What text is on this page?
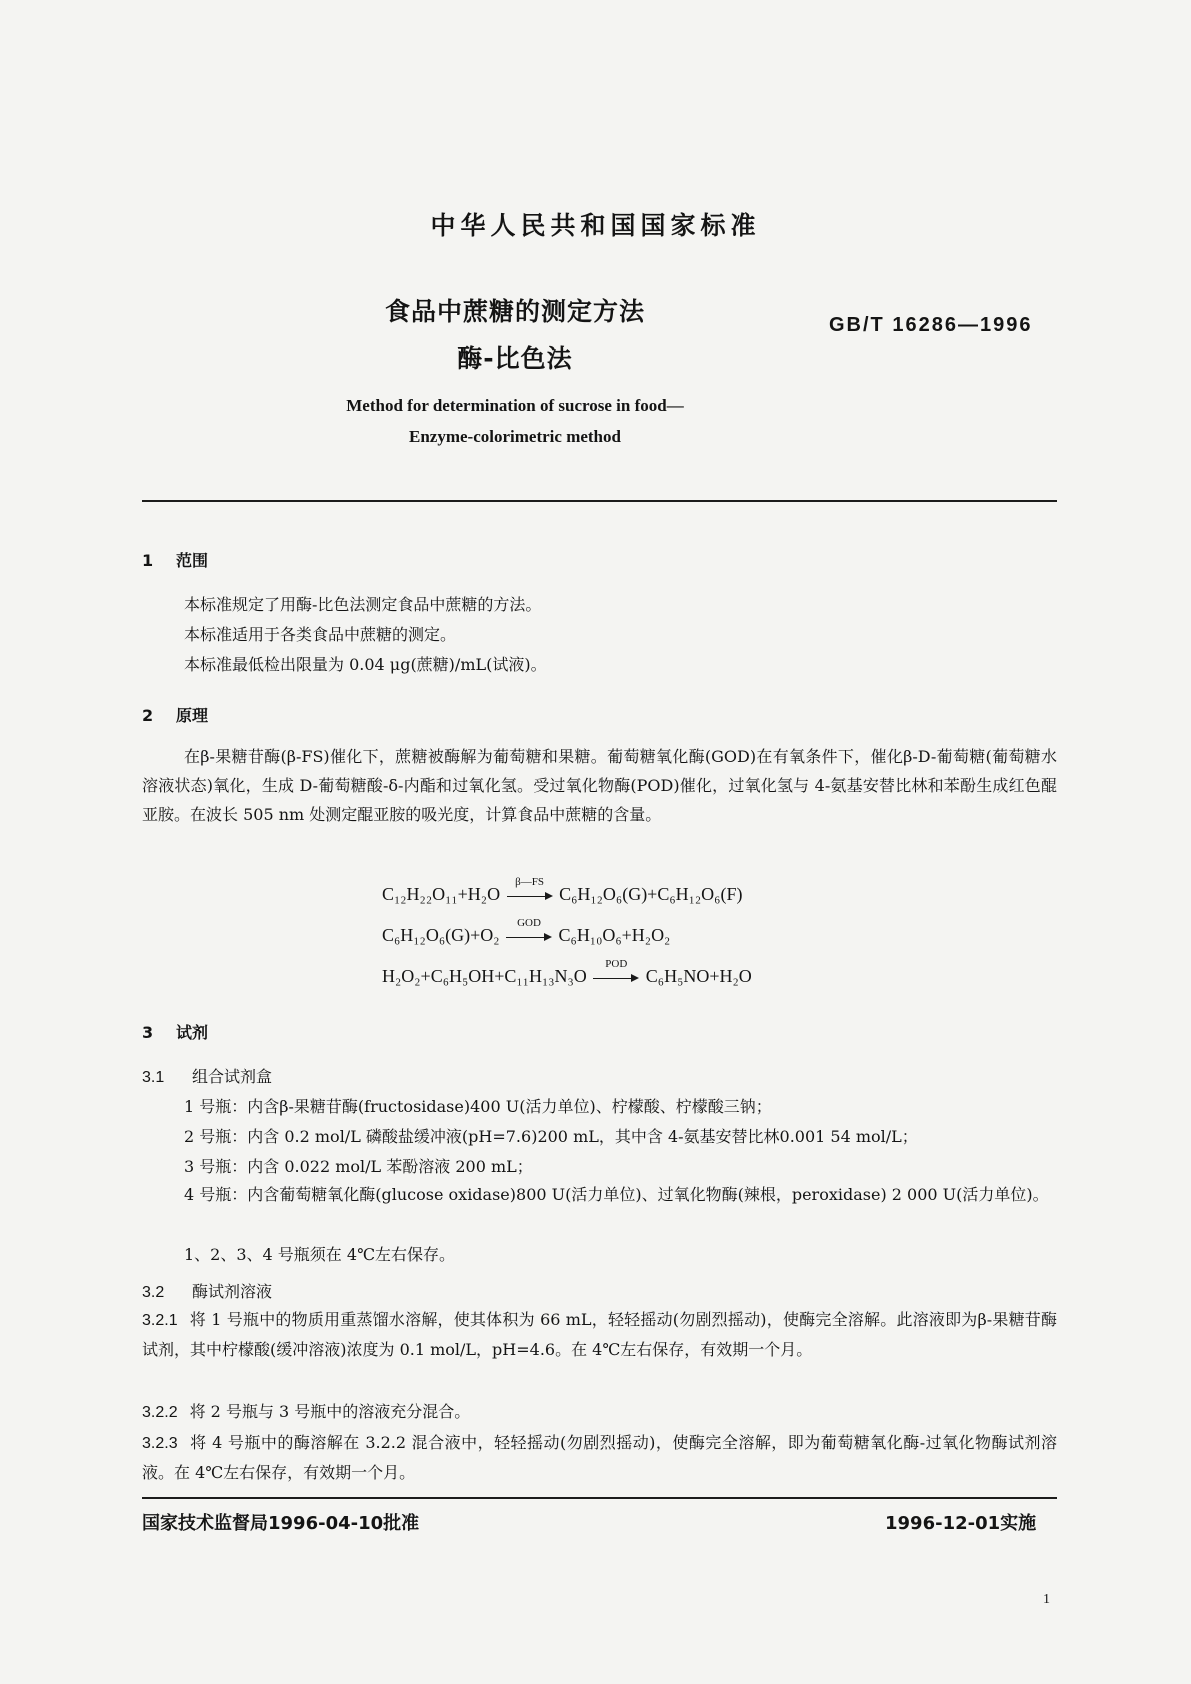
中华人民共和国国家标准
食品中蔗糖的测定方法
酶-比色法
GB/T 16286—1996
Method for determination of sucrose in food—
Enzyme-colorimetric method
1 范围
本标准规定了用酶-比色法测定食品中蔗糖的方法。
本标准适用于各类食品中蔗糖的测定。
本标准最低检出限量为 0.04 μg(蔗糖)/mL(试液)。
2 原理
在β-果糖苷酶(β-FS)催化下，蔗糖被酶解为葡萄糖和果糖。葡萄糖氧化酶(GOD)在有氧条件下，催化β-D-葡萄糖(葡萄糖水溶液状态)氧化，生成 D-葡萄糖酸-δ-内酯和过氧化氢。受过氧化物酶(POD)催化，过氧化氢与 4-氨基安替比林和苯酚生成红色醌亚胺。在波长 505 nm 处测定醌亚胺的吸光度，计算食品中蔗糖的含量。
C₁₂H₂₂O₁₁+H₂O
β—FS
C₆H₁₂O₆(G)+C₆H₁₂O₆(F)
C₆H₁₂O₆(G)+O₂
GOD
C₆H₁₀O₆+H₂O₂
H₂O₂+C₆H₅OH+C₁₁H₁₃N₃O
POD
C₆H₅NO+H₂O
3 试剂
3.1 组合试剂盒
1 号瓶：内含β-果糖苷酶(fructosidase)400 U(活力单位)、柠檬酸、柠檬酸三钠；
2 号瓶：内含 0.2 mol/L 磷酸盐缓冲液(pH=7.6)200 mL，其中含 4-氨基安替比林0.001 54 mol/L；
3 号瓶：内含 0.022 mol/L 苯酚溶液 200 mL；
4 号瓶：内含葡萄糖氧化酶(glucose oxidase)800 U(活力单位)、过氧化物酶(辣根，peroxidase) 2 000 U(活力单位)。
1、2、3、4 号瓶须在 4℃左右保存。
3.2 酶试剂溶液
3.2.1 将 1 号瓶中的物质用重蒸馏水溶解，使其体积为 66 mL，轻轻摇动(勿剧烈摇动)，使酶完全溶解。此溶液即为β-果糖苷酶试剂，其中柠檬酸(缓冲溶液)浓度为 0.1 mol/L，pH=4.6。在 4℃左右保存，有效期一个月。
3.2.2 将 2 号瓶与 3 号瓶中的溶液充分混合。
3.2.3 将 4 号瓶中的酶溶解在 3.2.2 混合液中，轻轻摇动(勿剧烈摇动)，使酶完全溶解，即为葡萄糖氧化酶-过氧化物酶试剂溶液。在 4℃左右保存，有效期一个月。
国家技术监督局1996-04-10批准	1996-12-01实施
1
